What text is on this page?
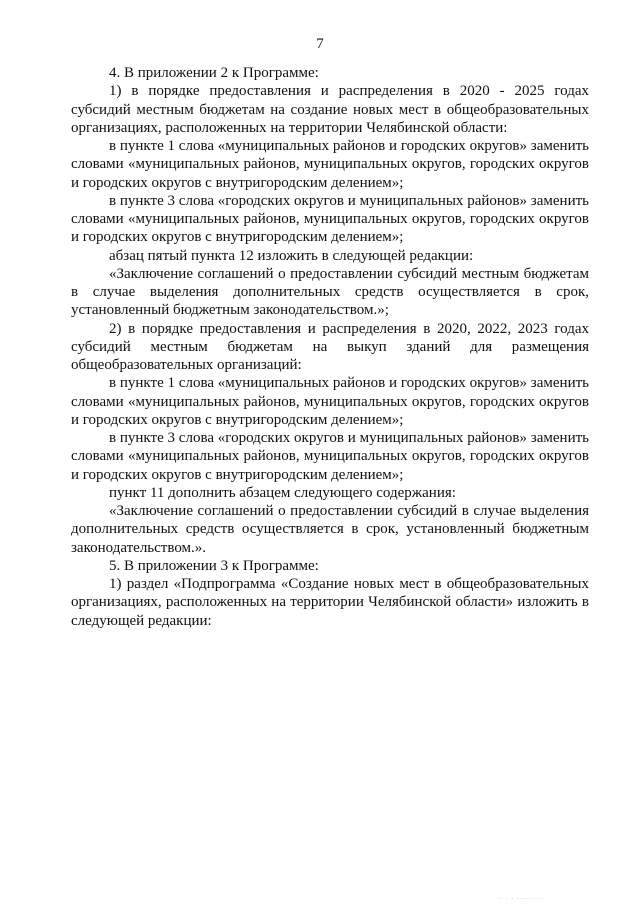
7

4. В приложении 2 к Программе:

1) в порядке предоставления и распределения в 2020 - 2025 годах субсидий местным бюджетам на создание новых мест в общеобразовательных организациях, расположенных на территории Челябинской области:

в пункте 1 слова «муниципальных районов и городских округов» заменить словами «муниципальных районов, муниципальных округов, городских округов и городских округов с внутригородским делением»;

в пункте 3 слова «городских округов и муниципальных районов» заменить словами «муниципальных районов, муниципальных округов, городских округов и городских округов с внутригородским делением»;

абзац пятый пункта 12 изложить в следующей редакции:

«Заключение соглашений о предоставлении субсидий местным бюджетам в случае выделения дополнительных средств осуществляется в срок, установленный бюджетным законодательством.»;

2) в порядке предоставления и распределения в 2020, 2022, 2023 годах субсидий местным бюджетам на выкуп зданий для размещения общеобразовательных организаций:

в пункте 1 слова «муниципальных районов и городских округов» заменить словами «муниципальных районов, муниципальных округов, городских округов и городских округов с внутригородским делением»;

в пункте 3 слова «городских округов и муниципальных районов» заменить словами «муниципальных районов, муниципальных округов, городских округов и городских округов с внутригородским делением»;

пункт 11 дополнить абзацем следующего содержания:

«Заключение соглашений о предоставлении субсидий в случае выделения дополнительных средств осуществляется в срок, установленный бюджетным законодательством.».

5. В приложении 3 к Программе:

1) раздел «Подпрограмма «Создание новых мест в общеобразовательных организациях, расположенных на территории Челябинской области» изложить в следующей редакции:

·· · · ·········
